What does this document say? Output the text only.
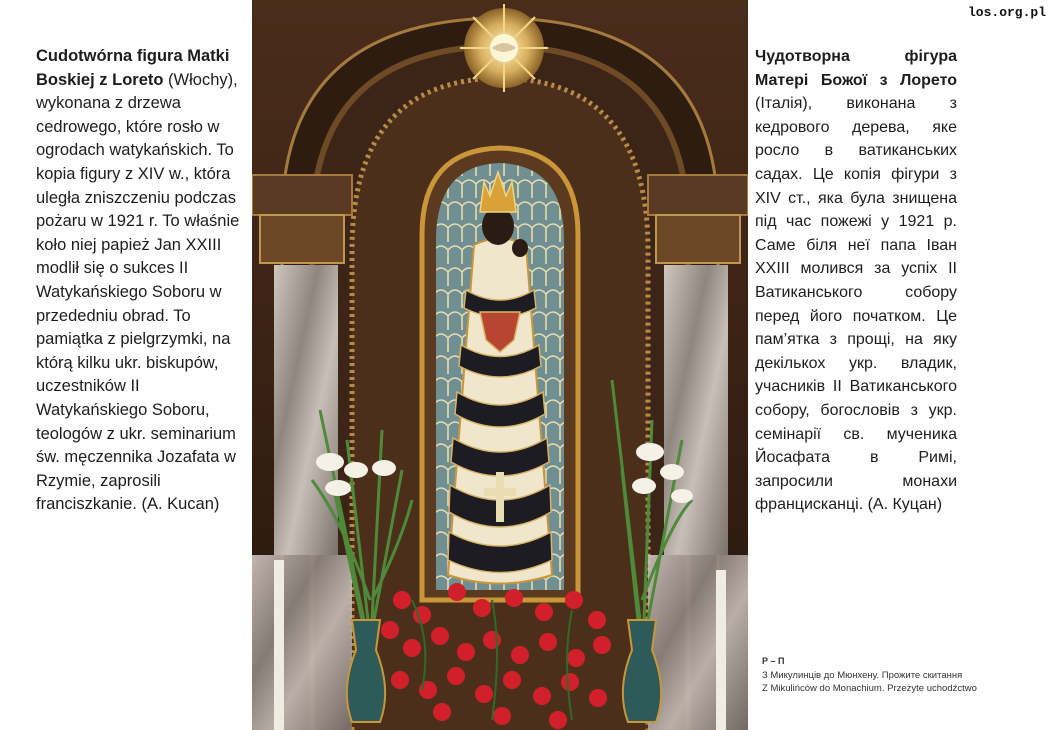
los.org.pl
Cudotwórna figura Matki Boskiej z Loreto (Włochy), wykonana z drzewa cedrowego, które rosło w ogrodach watykańskich. To kopia figury z XIV w., która uległa zniszczeniu podczas pożaru w 1921 r. To właśnie koło niej papież Jan XXIII modlił się o sukces II Watykańskiego Soboru w przededniu obrad. To pamiątka z pielgrzymki, na którą kilku ukr. biskupów, uczestników II Watykańskiego Soboru, teologów z ukr. seminarium św. męczennika Jozafata w Rzymie, zaprosili franciszkanie. (A. Kucan)
Чудотворна фігура Матері Божої з Лорето (Італія), виконана з кедрового дерева, яке росло в ватиканських садах. Це копія фігури з XIV ст., яка була знищена під час пожежі у 1921 р. Саме біля неї папа Іван XXIII молився за успіх II Ватиканського собору перед його початком. Це пам’ятка з прощі, на яку декількох укр. владик, учасників II Ватиканського собору, богословів з укр. семінарії св. мученика Йосафата в Римі, запросили монахи францисканці. (А. Куцан)
Р – П
З Микулинців до Мюнхену. Прожите скитання
Z Mikulińców do Monachium. Przeżyte uchodźctwo
